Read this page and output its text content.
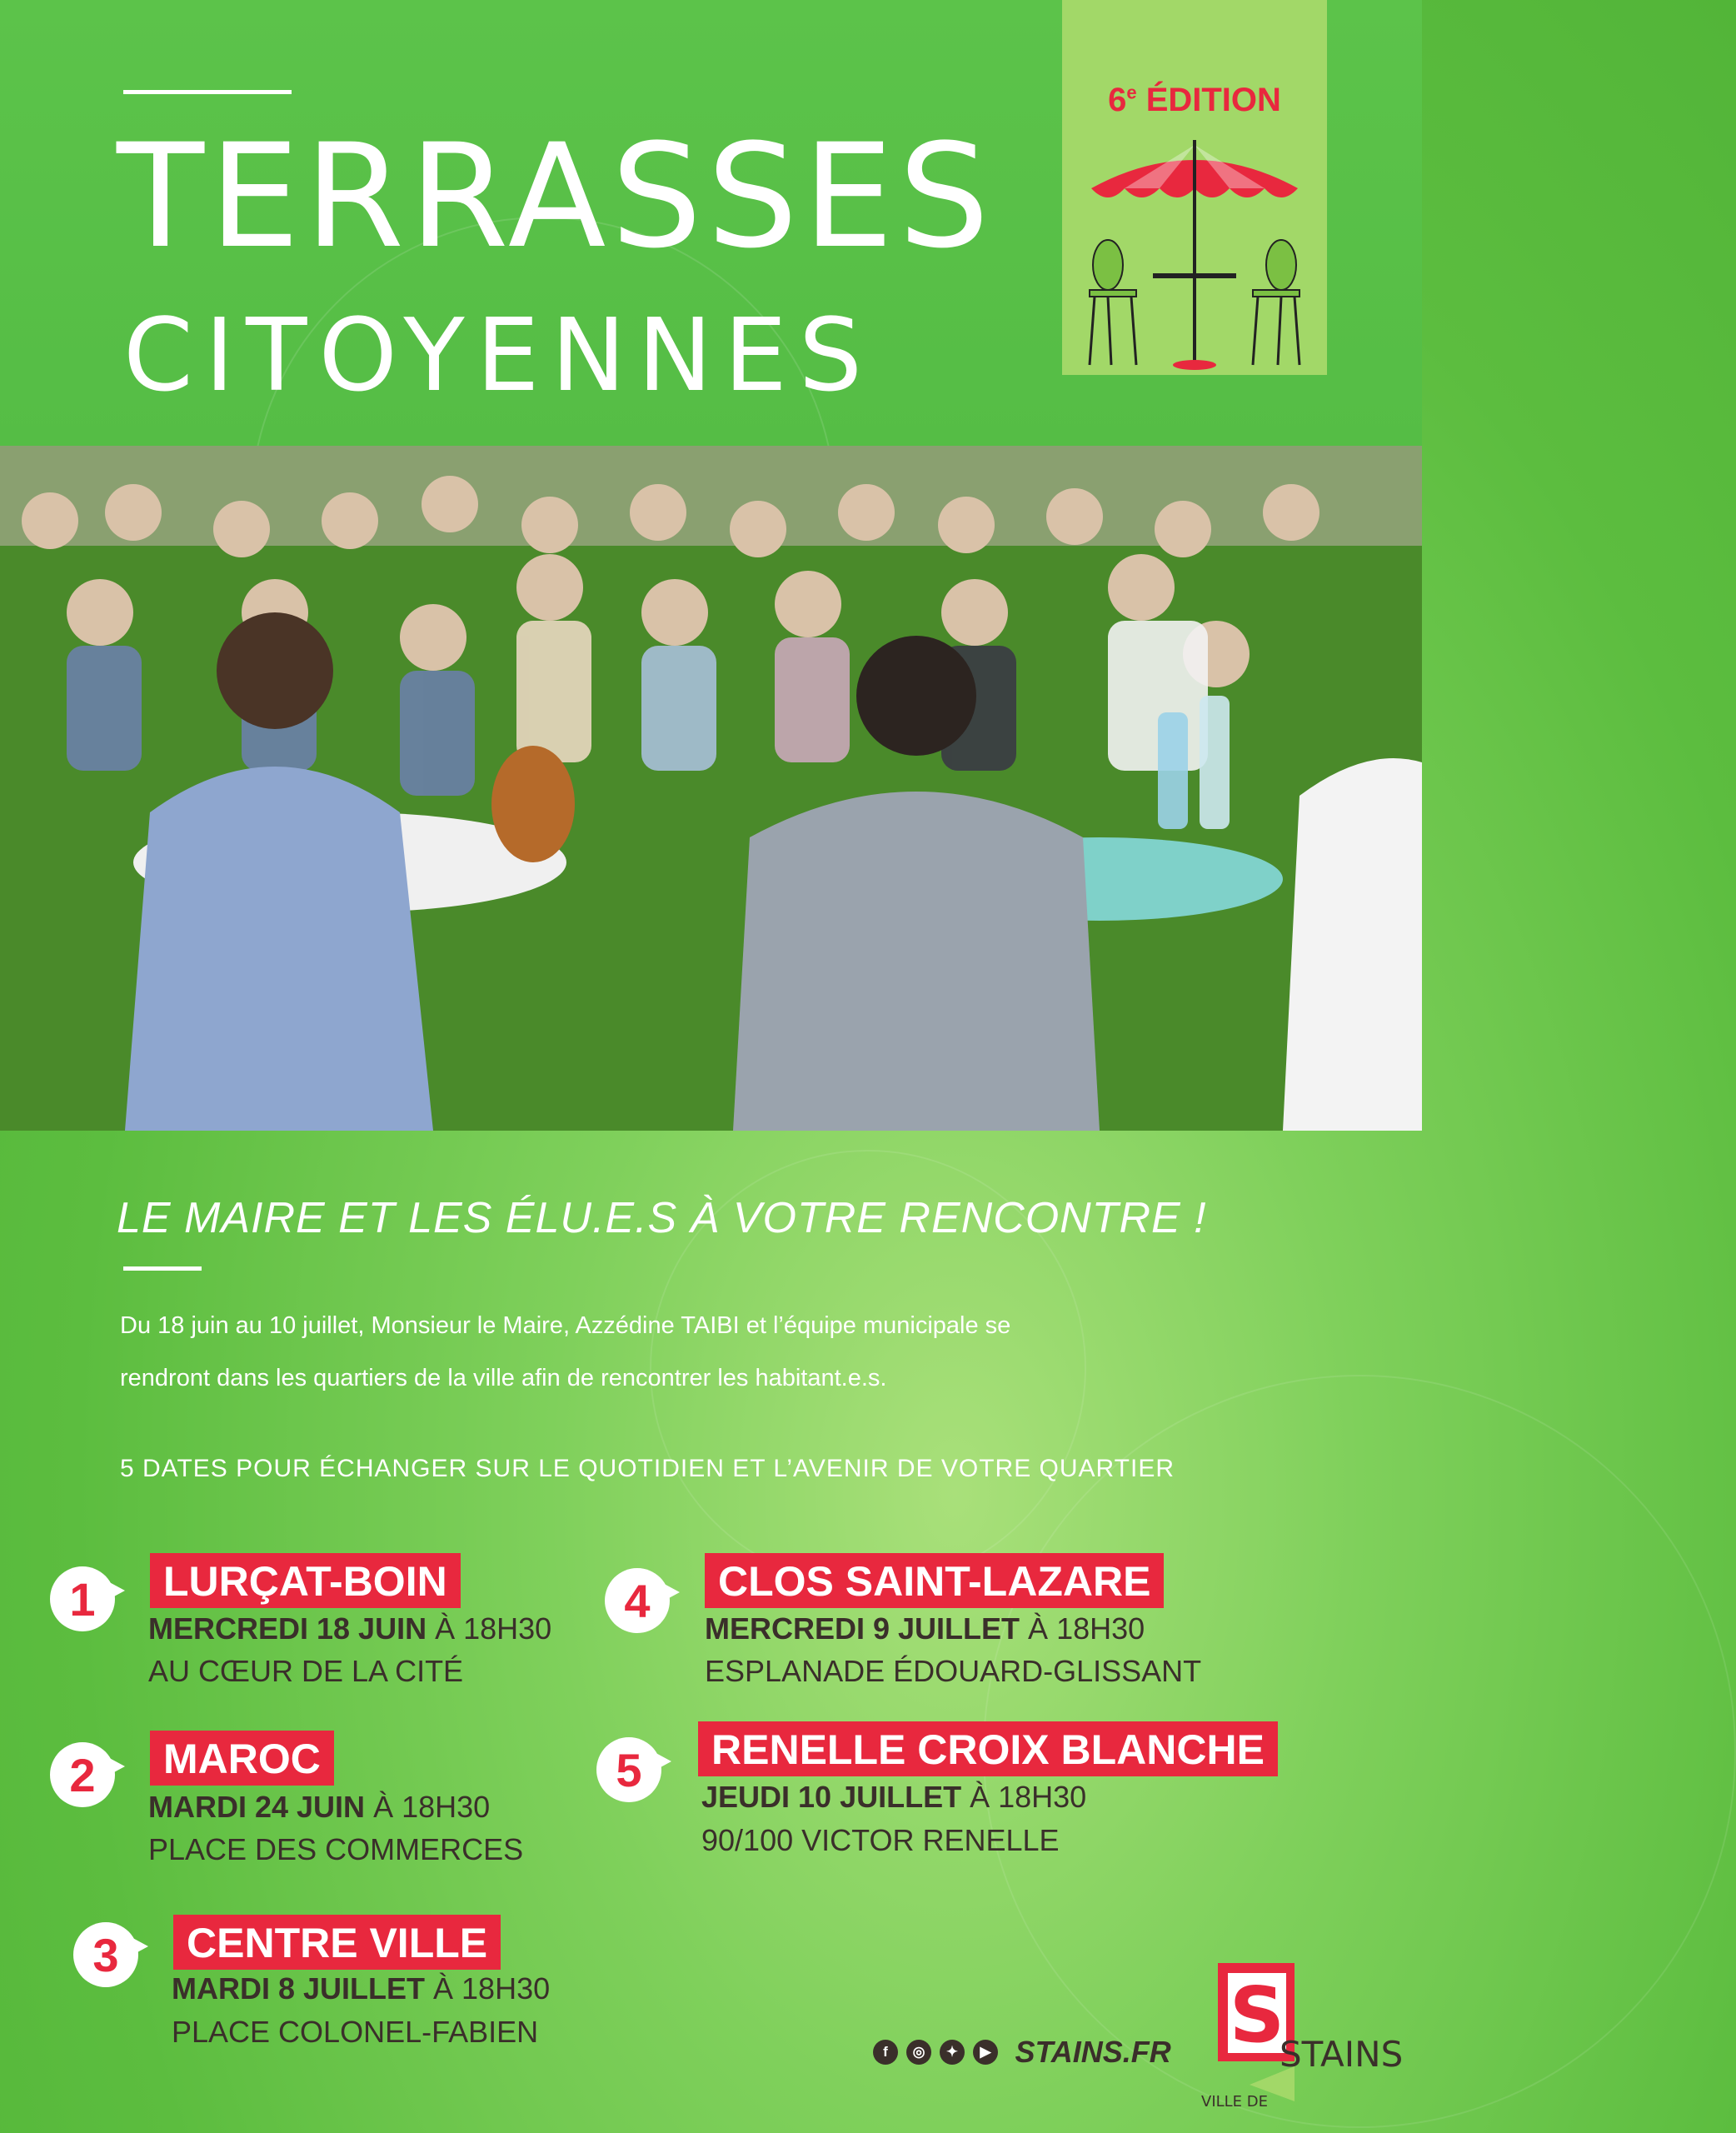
TERRASSES
CITOYENNES
6e ÉDITION
LE MAIRE ET LES ÉLU.E.S À VOTRE RENCONTRE !
Du 18 juin au 10 juillet, Monsieur le Maire, Azzédine TAIBI et l’équipe municipale se
rendront dans les quartiers de la ville afin de rencontrer les habitant.e.s.
5 DATES POUR ÉCHANGER SUR LE QUOTIDIEN ET L’AVENIR DE VOTRE QUARTIER
1	LURÇAT-BOIN
MERCREDI 18 JUIN À 18H30
AU CŒUR DE LA CITÉ
2	MAROC
MARDI 24 JUIN À 18H30
PLACE DES COMMERCES
3	CENTRE VILLE
MARDI 8 JUILLET À 18H30
PLACE COLONEL-FABIEN
4	CLOS SAINT-LAZARE
MERCREDI 9 JUILLET À 18H30
ESPLANADE ÉDOUARD-GLISSANT
5	RENELLE CROIX BLANCHE
JEUDI 10 JUILLET À 18H30
90/100 VICTOR RENELLE
f ◎ ✦ ▶ STAINS.FR S
VILLE DE
STAINS
